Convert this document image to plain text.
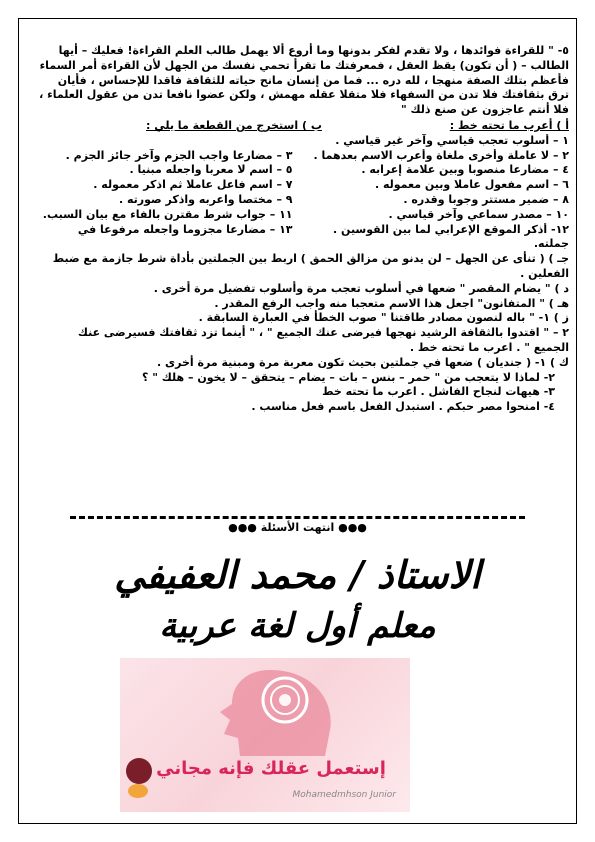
٥- " للقراءة فوائدها ، ولا تقدم لفكر بدونها وما أروع ألا يهمل طالب العلم القراءة! فعليك – أيها

الطالب – ( أن تكون) يقظ العقل ، فمعرفتك ما تقرأ تحمي نفسك من الجهل لأن القراءة أمر السماء

فأعظم بتلك الصفة منهجا ، لله دره ... فما من إنسان مانح حياته للثقافة فاقدا للإحساس ، فأيان

ترق بثقافتك فلا تدن من السفهاء فلا متقلا عقله مهمش ، ولكن عضوا نافعا تدن من عقول العلماء ،

فلا أنتم عاجزون عن صنع ذلك "

أ ) أعرب ما تحته خط :
ب ) استخرج من القطعة ما يلي :
١ – أسلوب تعجب قياسي وآخر غير قياسي .
٢ – لا عاملة وأخرى ملغاة وأعرب الاسم بعدهما .
٣ – مضارعا واجب الجزم وآخر جائز الجزم .
٤ – مضارعا منصوبا وبين علامة إعرابه .
٥ – اسم لا معربا واجعله مبنيا .
٦ – اسم مفعول عاملا وبين معموله .
٧ – اسم فاعل عاملا ثم اذكر معموله .
٨ – ضمير مستتر وجوبا وقدره .
٩ – مختصا واعربه واذكر صورته .
١٠ – مصدر سماعي وآخر قياسي .
١١ – جواب شرط مقترن بالفاء مع بيان السبب.
١٢- أذكر الموقع الإعرابي لما بين القوسين .
١٣ – مضارعا مجزوما واجعله مرفوعا في

جملته.

جـ ) ( تنأى عن الجهل – لن يدنو من مزالق الحمق ) اربط بين الجملتين بأداة شرط جازمة مع ضبط

الفعلين .

د ) " يضام المقصر " ضعها في أسلوب تعجب مرة وأسلوب تفضيل مرة أخرى .

هـ ) " المتفانون" اجعل هذا الاسم متعجبا منه واجب الرفع المقدر .

ز ) ١- " باله لنصون مصادر طاقتنا " صوب الخطأ في العبارة السابقة .

٢ – " اقتدوا بالثقافة الرشيد نهجها فيرضى عنك الجميع " ، " أينما تزد ثقافتك فسيرضى عنك

الجميع " . اعرب ما تحته خط .

ك ) ١- ( جنديان ) ضعها في جملتين بحيث تكون معربة مرة ومبنية مرة أخرى .

٢- لماذا لا يتعجب من " حمر – بنس – بات – يضام – يتحقق – لا يخون – هلك " ؟

٣- هيهات لنجاح الفاشل . اعرب ما تحته خط

٤- امنحوا مصر حبكم . استبدل الفعل باسم فعل مناسب .

●●● انتهت الأسئلة ●●●
الاستاذ / محمد العفيفي
معلم أول لغة عربية
إستعمل عقلك فإنه مجاني
Mohamedmhson Junior
